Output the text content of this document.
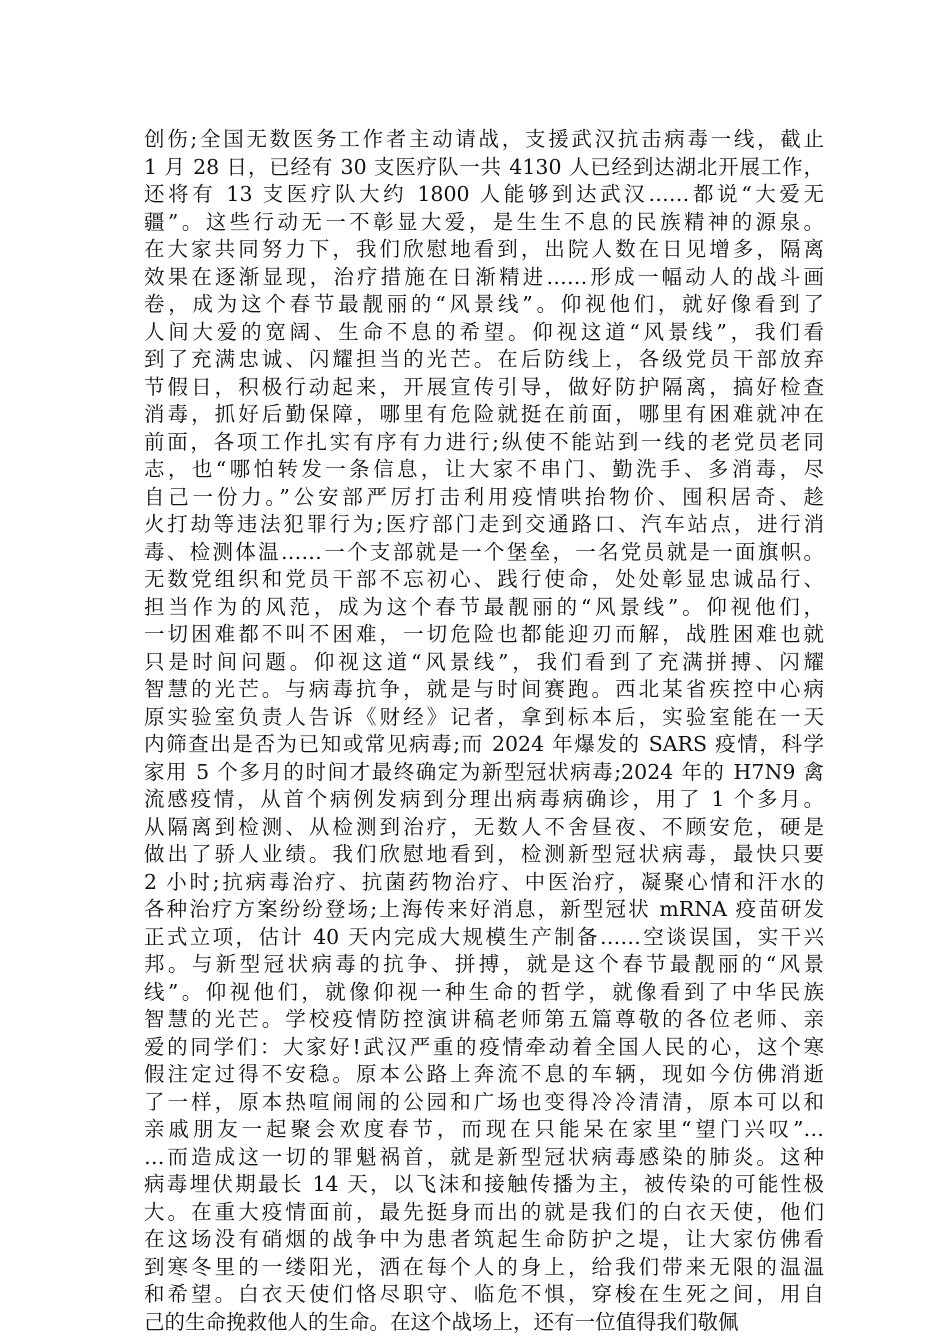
创伤;全国无数医务工作者主动请战，支援武汉抗击病毒一线，截止
1 月 28 日，已经有 30 支医疗队一共 4130 人已经到达湖北开展工作，
还将有 13 支医疗队大约 1800 人能够到达武汉……都说“大爱无
疆”。这些行动无一不彰显大爱，是生生不息的民族精神的源泉。
在大家共同努力下，我们欣慰地看到，出院人数在日见增多，隔离
效果在逐渐显现，治疗措施在日渐精进……形成一幅动人的战斗画
卷，成为这个春节最靓丽的“风景线”。仰视他们，就好像看到了
人间大爱的宽阔、生命不息的希望。仰视这道“风景线”，我们看
到了充满忠诚、闪耀担当的光芒。在后防线上，各级党员干部放弃
节假日，积极行动起来，开展宣传引导，做好防护隔离，搞好检查
消毒，抓好后勤保障，哪里有危险就挺在前面，哪里有困难就冲在
前面，各项工作扎实有序有力进行;纵使不能站到一线的老党员老同
志，也“哪怕转发一条信息，让大家不串门、勤洗手、多消毒，尽
自己一份力。”公安部严厉打击利用疫情哄抬物价、囤积居奇、趁
火打劫等违法犯罪行为;医疗部门走到交通路口、汽车站点，进行消
毒、检测体温……一个支部就是一个堡垒，一名党员就是一面旗帜。
无数党组织和党员干部不忘初心、践行使命，处处彰显忠诚品行、
担当作为的风范，成为这个春节最靓丽的“风景线”。仰视他们，
一切困难都不叫不困难，一切危险也都能迎刃而解，战胜困难也就
只是时间问题。仰视这道“风景线”，我们看到了充满拼搏、闪耀
智慧的光芒。与病毒抗争，就是与时间赛跑。西北某省疾控中心病
原实验室负责人告诉《财经》记者，拿到标本后，实验室能在一天
内筛查出是否为已知或常见病毒;而 2024 年爆发的 SARS 疫情，科学
家用 5 个多月的时间才最终确定为新型冠状病毒;2024 年的 H7N9 禽
流感疫情，从首个病例发病到分理出病毒病确诊，用了 1 个多月。
从隔离到检测、从检测到治疗，无数人不舍昼夜、不顾安危，硬是
做出了骄人业绩。我们欣慰地看到，检测新型冠状病毒，最快只要
2 小时;抗病毒治疗、抗菌药物治疗、中医治疗，凝聚心情和汗水的
各种治疗方案纷纷登场;上海传来好消息，新型冠状 mRNA 疫苗研发
正式立项，估计 40 天内完成大规模生产制备……空谈误国，实干兴
邦。与新型冠状病毒的抗争、拼搏，就是这个春节最靓丽的“风景
线”。仰视他们，就像仰视一种生命的哲学，就像看到了中华民族
智慧的光芒。学校疫情防控演讲稿老师第五篇尊敬的各位老师、亲
爱的同学们：大家好!武汉严重的疫情牵动着全国人民的心，这个寒
假注定过得不安稳。原本公路上奔流不息的车辆，现如今仿佛消逝
了一样，原本热喧闹闹的公园和广场也变得冷冷清清，原本可以和
亲戚朋友一起聚会欢度春节，而现在只能呆在家里“望门兴叹”…
…而造成这一切的罪魁祸首，就是新型冠状病毒感染的肺炎。这种
病毒埋伏期最长 14 天，以飞沫和接触传播为主，被传染的可能性极
大。在重大疫情面前，最先挺身而出的就是我们的白衣天使，他们
在这场没有硝烟的战争中为患者筑起生命防护之堤，让大家仿佛看
到寒冬里的一缕阳光，洒在每个人的身上，给我们带来无限的温温
和希望。白衣天使们恪尽职守、临危不惧，穿梭在生死之间，用自
己的生命挽救他人的生命。在这个战场上，还有一位值得我们敬佩
